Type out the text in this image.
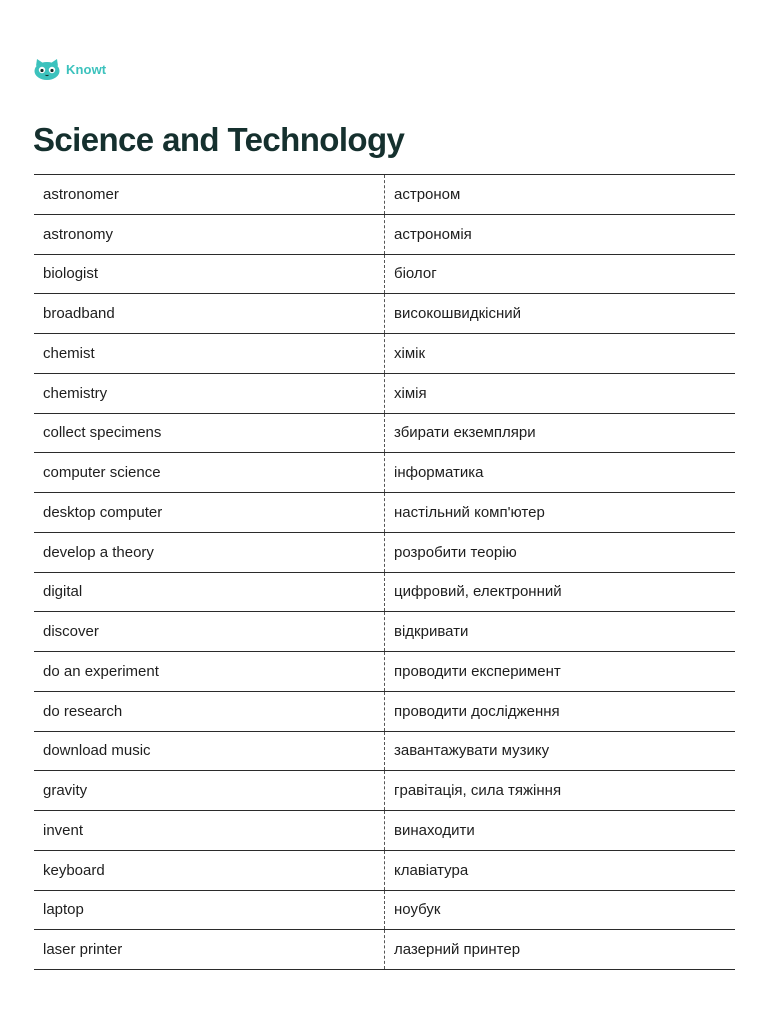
Knowt
Science and Technology
astronomer	астроном
astronomy	астрономія
biologist	біолог
broadband	високошвидкісний
chemist	хімік
chemistry	хімія
collect specimens	збирати екземпляри
computer science	інформатика
desktop computer	настільний комп'ютер
develop a theory	розробити теорію
digital	цифровий, електронний
discover	відкривати
do an experiment	проводити експеримент
do research	проводити дослідження
download music	завантажувати музику
gravity	гравітація, сила тяжіння
invent	винаходити
keyboard	клавіатура
laptop	ноубук
laser printer	лазерний принтер
